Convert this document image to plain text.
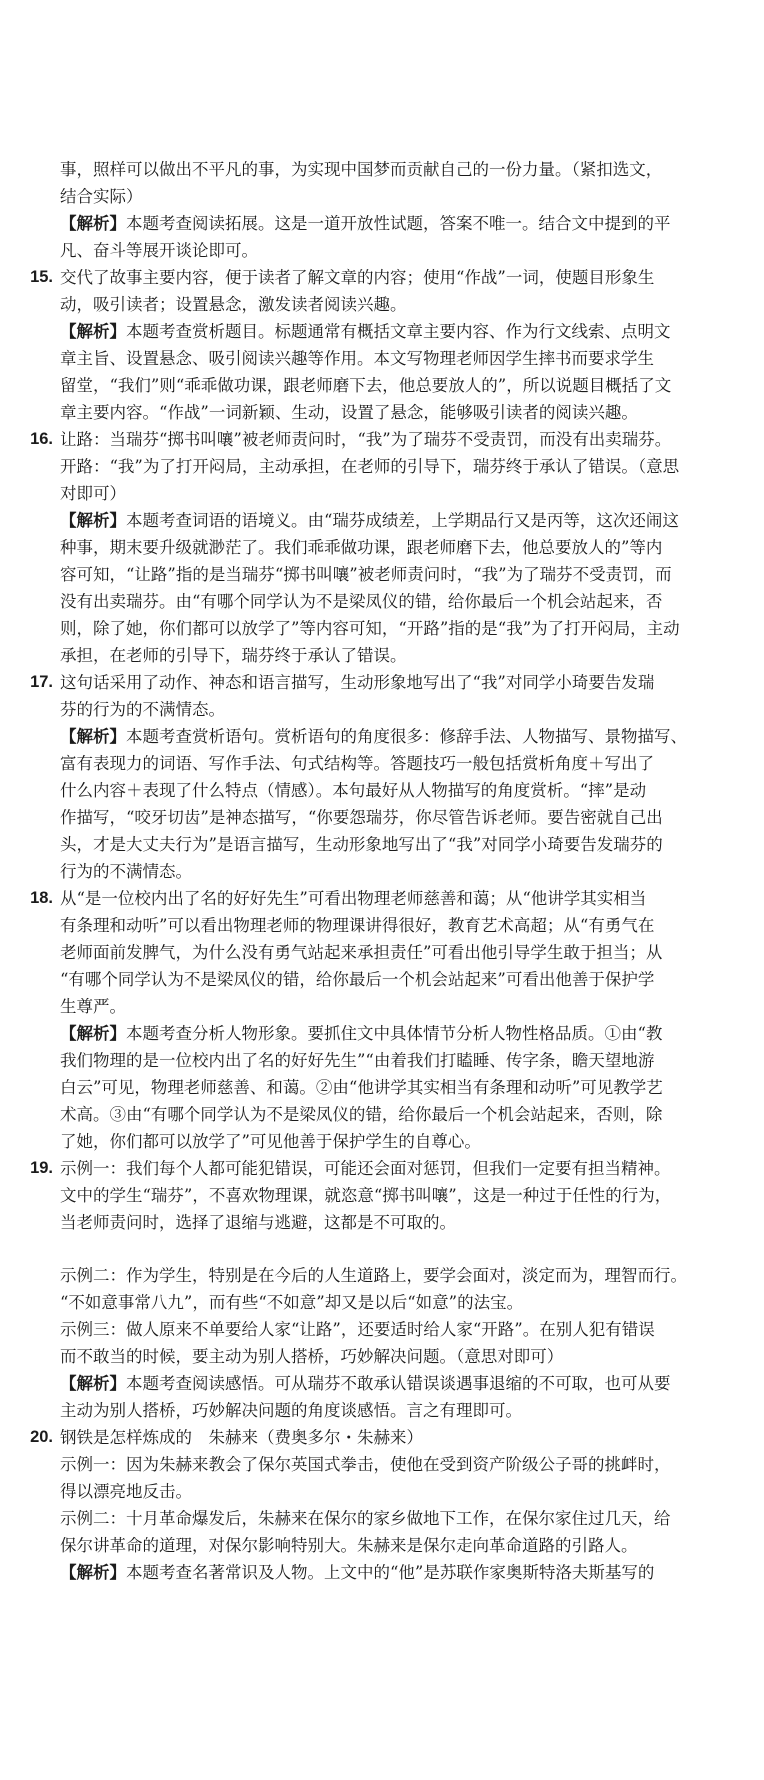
事，照样可以做出不平凡的事，为实现中国梦而贡献自己的一份力量。（紧扣选文，
结合实际）
【解析】本题考查阅读拓展。这是一道开放性试题，答案不唯一。结合文中提到的平
凡、奋斗等展开谈论即可。
15. 交代了故事主要内容，便于读者了解文章的内容；使用“作战”一词，使题目形象生
动，吸引读者；设置悬念，激发读者阅读兴趣。
【解析】本题考查赏析题目。标题通常有概括文章主要内容、作为行文线索、点明文
章主旨、设置悬念、吸引阅读兴趣等作用。本文写物理老师因学生摔书而要求学生
留堂，“我们”则“乖乖做功课，跟老师磨下去，他总要放人的”，所以说题目概括了文
章主要内容。“作战”一词新颖、生动，设置了悬念，能够吸引读者的阅读兴趣。
16. 让路：当瑞芬“掷书叫嚷”被老师责问时，“我”为了瑞芬不受责罚，而没有出卖瑞芬。
开路：“我”为了打开闷局，主动承担，在老师的引导下，瑞芬终于承认了错误。（意思
对即可）
【解析】本题考查词语的语境义。由“瑞芬成绩差，上学期品行又是丙等，这次还闹这
种事，期末要升级就渺茫了。我们乖乖做功课，跟老师磨下去，他总要放人的”等内
容可知，“让路”指的是当瑞芬“掷书叫嚷”被老师责问时，“我”为了瑞芬不受责罚，而
没有出卖瑞芬。由“有哪个同学认为不是梁凤仪的错，给你最后一个机会站起来，否
则，除了她，你们都可以放学了”等内容可知，“开路”指的是“我”为了打开闷局，主动
承担，在老师的引导下，瑞芬终于承认了错误。
17. 这句话采用了动作、神态和语言描写，生动形象地写出了“我”对同学小琦要告发瑞
芬的行为的不满情态。
【解析】本题考查赏析语句。赏析语句的角度很多：修辞手法、人物描写、景物描写、
富有表现力的词语、写作手法、句式结构等。答题技巧一般包括赏析角度＋写出了
什么内容＋表现了什么特点（情感）。本句最好从人物描写的角度赏析。“摔”是动
作描写，“咬牙切齿”是神态描写，“你要怨瑞芬，你尽管告诉老师。要告密就自己出
头，才是大丈夫行为”是语言描写，生动形象地写出了“我”对同学小琦要告发瑞芬的
行为的不满情态。
18. 从“是一位校内出了名的好好先生”可看出物理老师慈善和蔼；从“他讲学其实相当
有条理和动听”可以看出物理老师的物理课讲得很好，教育艺术高超；从“有勇气在
老师面前发脾气，为什么没有勇气站起来承担责任”可看出他引导学生敢于担当；从
“有哪个同学认为不是梁凤仪的错，给你最后一个机会站起来”可看出他善于保护学
生尊严。
【解析】本题考查分析人物形象。要抓住文中具体情节分析人物性格品质。①由“教
我们物理的是一位校内出了名的好好先生”“由着我们打瞌睡、传字条，瞻天望地游
白云”可见，物理老师慈善、和蔼。②由“他讲学其实相当有条理和动听”可见教学艺
术高。③由“有哪个同学认为不是梁凤仪的错，给你最后一个机会站起来，否则，除
了她，你们都可以放学了”可见他善于保护学生的自尊心。
19. 示例一：我们每个人都可能犯错误，可能还会面对惩罚，但我们一定要有担当精神。
文中的学生“瑞芬”，不喜欢物理课，就恣意“掷书叫嚷”，这是一种过于任性的行为，
当老师责问时，选择了退缩与逃避，这都是不可取的。
示例二：作为学生，特别是在今后的人生道路上，要学会面对，淡定而为，理智而行。
“不如意事常八九”，而有些“不如意”却又是以后“如意”的法宝。
示例三：做人原来不单要给人家“让路”，还要适时给人家“开路”。在别人犯有错误
而不敢当的时候，要主动为别人搭桥，巧妙解决问题。（意思对即可）
【解析】本题考查阅读感悟。可从瑞芬不敢承认错误谈遇事退缩的不可取，也可从要
主动为别人搭桥，巧妙解决问题的角度谈感悟。言之有理即可。
20. 钢铁是怎样炼成的　朱赫来（费奥多尔・朱赫来）
示例一：因为朱赫来教会了保尔英国式拳击，使他在受到资产阶级公子哥的挑衅时，
得以漂亮地反击。
示例二：十月革命爆发后，朱赫来在保尔的家乡做地下工作，在保尔家住过几天，给
保尔讲革命的道理，对保尔影响特别大。朱赫来是保尔走向革命道路的引路人。
【解析】本题考查名著常识及人物。上文中的“他”是苏联作家奥斯特洛夫斯基写的
